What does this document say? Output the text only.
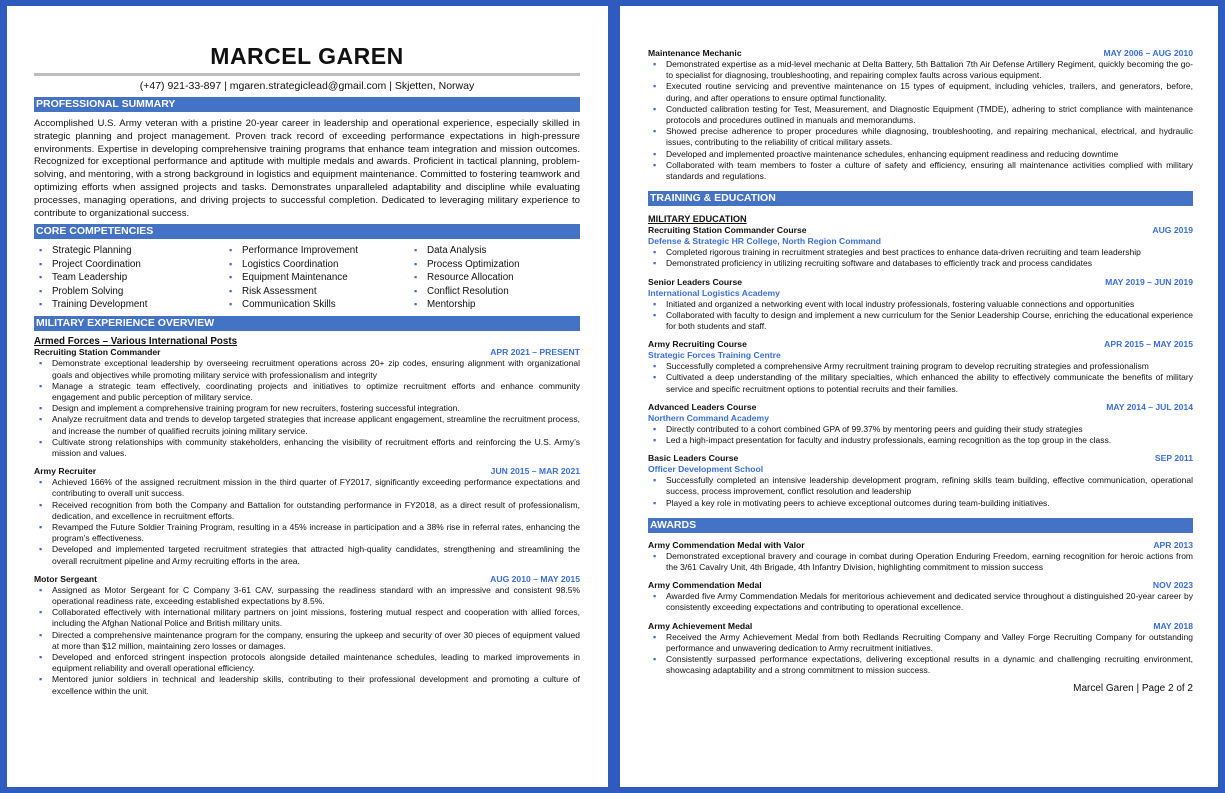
MARCEL GAREN
(+47) 921-33-897 | mgaren.strategiclead@gmail.com | Skjetten, Norway
PROFESSIONAL SUMMARY
Accomplished U.S. Army veteran with a pristine 20-year career in leadership and operational experience, especially skilled in strategic planning and project management. Proven track record of exceeding performance expectations in high-pressure environments. Expertise in developing comprehensive training programs that enhance team integration and mission outcomes. Recognized for exceptional performance and aptitude with multiple medals and awards. Proficient in tactical planning, problem-solving, and mentoring, with a strong background in logistics and equipment maintenance. Committed to fostering teamwork and optimizing efforts when assigned projects and tasks. Demonstrates unparalleled adaptability and discipline while evaluating processes, managing operations, and driving projects to successful completion. Dedicated to leveraging military experience to contribute to organizational success.
CORE COMPETENCIES
▪ Strategic Planning	▪ Performance Improvement	▪ Data Analysis
▪ Project Coordination	▪ Logistics Coordination	▪ Process Optimization
▪ Team Leadership	▪ Equipment Maintenance	▪ Resource Allocation
▪ Problem Solving	▪ Risk Assessment	▪ Conflict Resolution
▪ Training Development	▪ Communication Skills	▪ Mentorship
MILITARY EXPERIENCE OVERVIEW
Armed Forces – Various International Posts
Recruiting Station Commander	APR 2021 – PRESENT
▪ Demonstrate exceptional leadership by overseeing recruitment operations across 20+ zip codes, ensuring alignment with organizational goals and objectives while promoting military service with professionalism and integrity
▪ Manage a strategic team effectively, coordinating projects and initiatives to optimize recruitment efforts and enhance community engagement and public perception of military service.
▪ Design and implement a comprehensive training program for new recruiters, fostering successful integration.
▪ Analyze recruitment data and trends to develop targeted strategies that increase applicant engagement, streamline the recruitment process, and increase the number of qualified recruits joining military service.
▪ Cultivate strong relationships with community stakeholders, enhancing the visibility of recruitment efforts and reinforcing the U.S. Army’s mission and values.
Army Recruiter	JUN 2015 – MAR 2021
▪ Achieved 166% of the assigned recruitment mission in the third quarter of FY2017, significantly exceeding performance expectations and contributing to overall unit success.
▪ Received recognition from both the Company and Battalion for outstanding performance in FY2018, as a direct result of professionalism, dedication, and excellence in recruitment efforts.
▪ Revamped the Future Soldier Training Program, resulting in a 45% increase in participation and a 38% rise in referral rates, enhancing the program’s effectiveness.
▪ Developed and implemented targeted recruitment strategies that attracted high-quality candidates, strengthening and streamlining the overall recruitment pipeline and Army recruiting efforts in the area.
Motor Sergeant	AUG 2010 – MAY 2015
▪ Assigned as Motor Sergeant for C Company 3-61 CAV, surpassing the readiness standard with an impressive and consistent 98.5% operational readiness rate, exceeding established expectations by 8.5%.
▪ Collaborated effectively with international military partners on joint missions, fostering mutual respect and cooperation with allied forces, including the Afghan National Police and British military units.
▪ Directed a comprehensive maintenance program for the company, ensuring the upkeep and security of over 30 pieces of equipment valued at more than $12 million, maintaining zero losses or damages.
▪ Developed and enforced stringent inspection protocols alongside detailed maintenance schedules, leading to marked improvements in equipment reliability and overall operational efficiency.
▪ Mentored junior soldiers in technical and leadership skills, contributing to their professional development and promoting a culture of excellence within the unit.
Maintenance Mechanic	MAY 2006 – AUG 2010
▪ Demonstrated expertise as a mid-level mechanic at Delta Battery, 5th Battalion 7th Air Defense Artillery Regiment, quickly becoming the go-to specialist for diagnosing, troubleshooting, and repairing complex faults across various equipment.
▪ Executed routine servicing and preventive maintenance on 15 types of equipment, including vehicles, trailers, and generators, before, during, and after operations to ensure optimal functionality.
▪ Conducted calibration testing for Test, Measurement, and Diagnostic Equipment (TMDE), adhering to strict compliance with maintenance protocols and procedures outlined in manuals and memorandums.
▪ Showed precise adherence to proper procedures while diagnosing, troubleshooting, and repairing mechanical, electrical, and hydraulic issues, contributing to the reliability of critical military assets.
▪ Developed and implemented proactive maintenance schedules, enhancing equipment readiness and reducing downtime
▪ Collaborated with team members to foster a culture of safety and efficiency, ensuring all maintenance activities complied with military standards and regulations.
TRAINING & EDUCATION
MILITARY EDUCATION
Recruiting Station Commander Course	AUG 2019
Defense & Strategic HR College, North Region Command
▪ Completed rigorous training in recruitment strategies and best practices to enhance data-driven recruiting and team leadership
▪ Demonstrated proficiency in utilizing recruiting software and databases to efficiently track and process candidates
Senior Leaders Course	MAY 2019 – JUN 2019
International Logistics Academy
▪ Initiated and organized a networking event with local industry professionals, fostering valuable connections and opportunities
▪ Collaborated with faculty to design and implement a new curriculum for the Senior Leadership Course, enriching the educational experience for both students and staff.
Army Recruiting Course	APR 2015 – MAY 2015
Strategic Forces Training Centre
▪ Successfully completed a comprehensive Army recruitment training program to develop recruiting strategies and professionalism
▪ Cultivated a deep understanding of the military specialties, which enhanced the ability to effectively communicate the benefits of military service and specific recruitment options to potential recruits and their families.
Advanced Leaders Course	MAY 2014 – JUL 2014
Northern Command Academy
▪ Directly contributed to a cohort combined GPA of 99.37% by mentoring peers and guiding their study strategies
▪ Led a high-impact presentation for faculty and industry professionals, earning recognition as the top group in the class.
Basic Leaders Course	SEP 2011
Officer Development School
▪ Successfully completed an intensive leadership development program, refining skills team building, effective communication, operational success, process improvement, conflict resolution and leadership
▪ Played a key role in motivating peers to achieve exceptional outcomes during team-building initiatives.
AWARDS
Army Commendation Medal with Valor	APR 2013
▪ Demonstrated exceptional bravery and courage in combat during Operation Enduring Freedom, earning recognition for heroic actions from the 3/61 Cavalry Unit, 4th Brigade, 4th Infantry Division, highlighting commitment to mission success
Army Commendation Medal	NOV 2023
▪ Awarded five Army Commendation Medals for meritorious achievement and dedicated service throughout a distinguished 20-year career by consistently exceeding expectations and contributing to operational excellence.
Army Achievement Medal	MAY 2018
▪ Received the Army Achievement Medal from both Redlands Recruiting Company and Valley Forge Recruiting Company for outstanding performance and unwavering dedication to Army recruitment initiatives.
▪ Consistently surpassed performance expectations, delivering exceptional results in a dynamic and challenging recruiting environment, showcasing adaptability and a strong commitment to mission success.
Marcel Garen | Page 2 of 2
